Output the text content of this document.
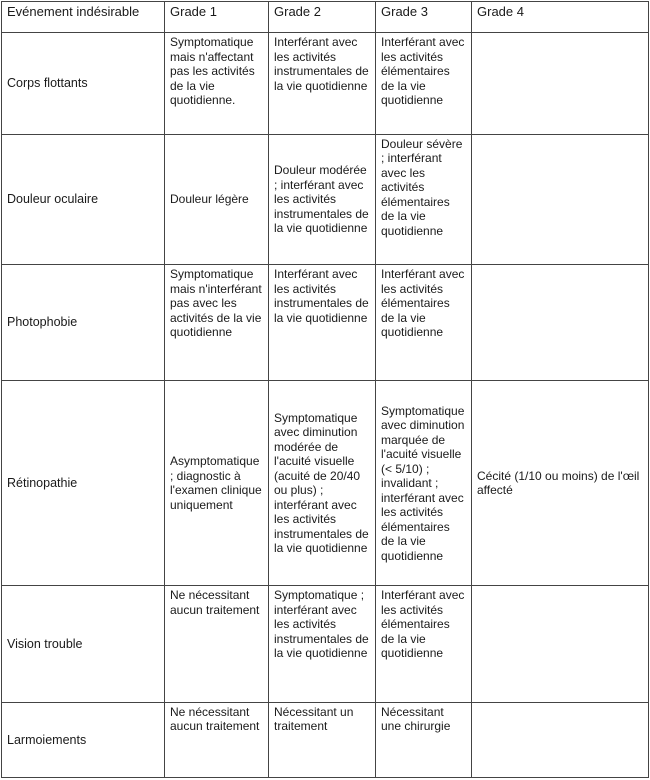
Evénement indésirable	Grade 1	Grade 2	Grade 3	Grade 4
Corps flottants	Symptomatique mais n'affectant pas les activités de la vie quotidienne.	Interférant avec les activités instrumentales de la vie quotidienne	Interférant avec les activités élémentaires de la vie quotidienne	
Douleur oculaire	Douleur légère	Douleur modérée ; interférant avec les activités instrumentales de la vie quotidienne	Douleur sévère ; interférant avec les activités élémentaires de la vie quotidienne	
Photophobie	Symptomatique mais n'interférant pas avec les activités de la vie quotidienne	Interférant avec les activités instrumentales de la vie quotidienne	Interférant avec les activités élémentaires de la vie quotidienne	
Rétinopathie	Asymptomatique ; diagnostic à l'examen clinique uniquement	Symptomatique avec diminution modérée de l'acuité visuelle (acuité de 20/40 ou plus) ; interférant avec les activités instrumentales de la vie quotidienne	Symptomatique avec diminution marquée de l'acuité visuelle (< 5/10) ; invalidant ; interférant avec les activités élémentaires de la vie quotidienne	Cécité (1/10 ou moins) de l'œil affecté
Vision trouble	Ne nécessitant aucun traitement	Symptomatique ; interférant avec les activités instrumentales de la vie quotidienne	Interférant avec les activités élémentaires de la vie quotidienne	
Larmoiements	Ne nécessitant aucun traitement	Nécessitant un traitement	Nécessitant une chirurgie	
